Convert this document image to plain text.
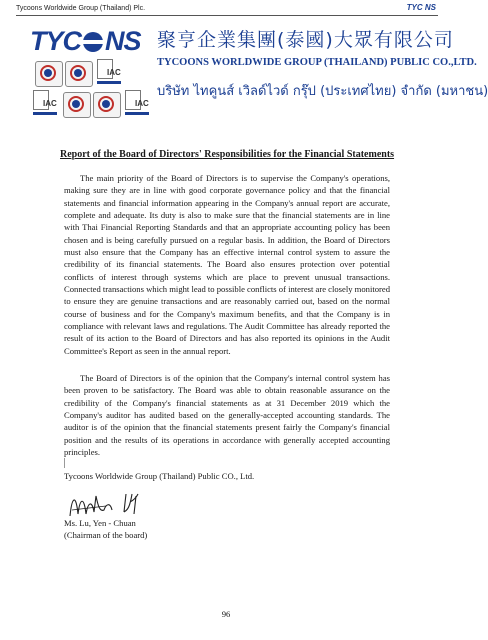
Tycoons Worldwide Group (Thailand) Plc.	TYC NS
TYC NS 聚亨企業集團(泰國)大眾有限公司
IAC
IAC	IAC
TYCOONS WORLDWIDE GROUP (THAILAND) PUBLIC CO.,LTD.
บริษัท ไทคูนส์ เวิลด์ไวด์ กรุ๊ป (ประเทศไทย) จำกัด (มหาชน)
Report of the Board of Directors' Responsibilities for the Financial Statements

The main priority of the Board of Directors is to supervise the Company's operations, making sure they are in line with good corporate governance policy and that the financial statements and financial information appearing in the Company's annual report are accurate, complete and adequate. Its duty is also to make sure that the financial statements are in line with Thai Financial Reporting Standards and that an appropriate accounting policy has been chosen and is being carefully pursued on a regular basis. In addition, the Board of Directors must also ensure that the Company has an effective internal control system to assure the credibility of its financial statements. The Board also ensures protection over potential conflicts of interest through systems which are place to prevent unusual transactions. Connected transactions which might lead to possible conflicts of interest are closely monitored to ensure they are genuine transactions and are reasonably carried out, based on the normal course of business and for the Company's maximum benefits, and that the Company is in compliance with relevant laws and regulations. The Audit Committee has already reported the result of its action to the Board of Directors and has also reported its opinions in the Audit Committee's Report as seen in the annual report.

The Board of Directors is of the opinion that the Company's internal control system has been proven to be satisfactory. The Board was able to obtain reasonable assurance on the credibility of the Company's financial statements as at 31 December 2019 which the Company's auditor has audited based on the generally-accepted accounting standards. The auditor is of the opinion that the financial statements present fairly the Company's financial position and the results of its operations in accordance with generally accepted accounting principles.

Tycoons Worldwide Group (Thailand) Public CO., Ltd.
Ms. Lu, Yen - Chuan
(Chairman of the board)
96
